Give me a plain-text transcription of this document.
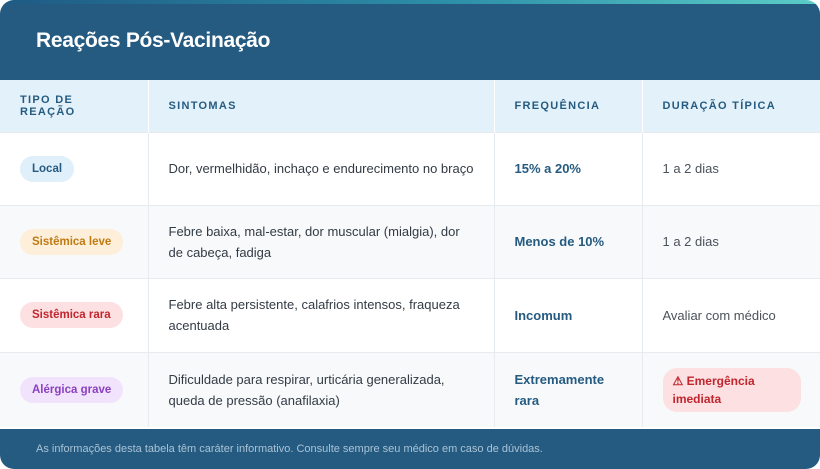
Reações Pós-Vacinação
TIPO DE REAÇÃO	SINTOMAS	FREQUÊNCIA	DURAÇÃO TÍPICA
Local	Dor, vermelhidão, inchaço e endurecimento no braço	15% a 20%	1 a 2 dias
Sistêmica leve	Febre baixa, mal-estar, dor muscular (mialgia), dor de cabeça, fadiga	Menos de 10%	1 a 2 dias
Sistêmica rara	Febre alta persistente, calafrios intensos, fraqueza acentuada	Incomum	Avaliar com médico
Alérgica grave	Dificuldade para respirar, urticária generalizada, queda de pressão (anafilaxia)	Extremamente rara	⚠ Emergência imediata
As informações desta tabela têm caráter informativo. Consulte sempre seu médico em caso de dúvidas.
